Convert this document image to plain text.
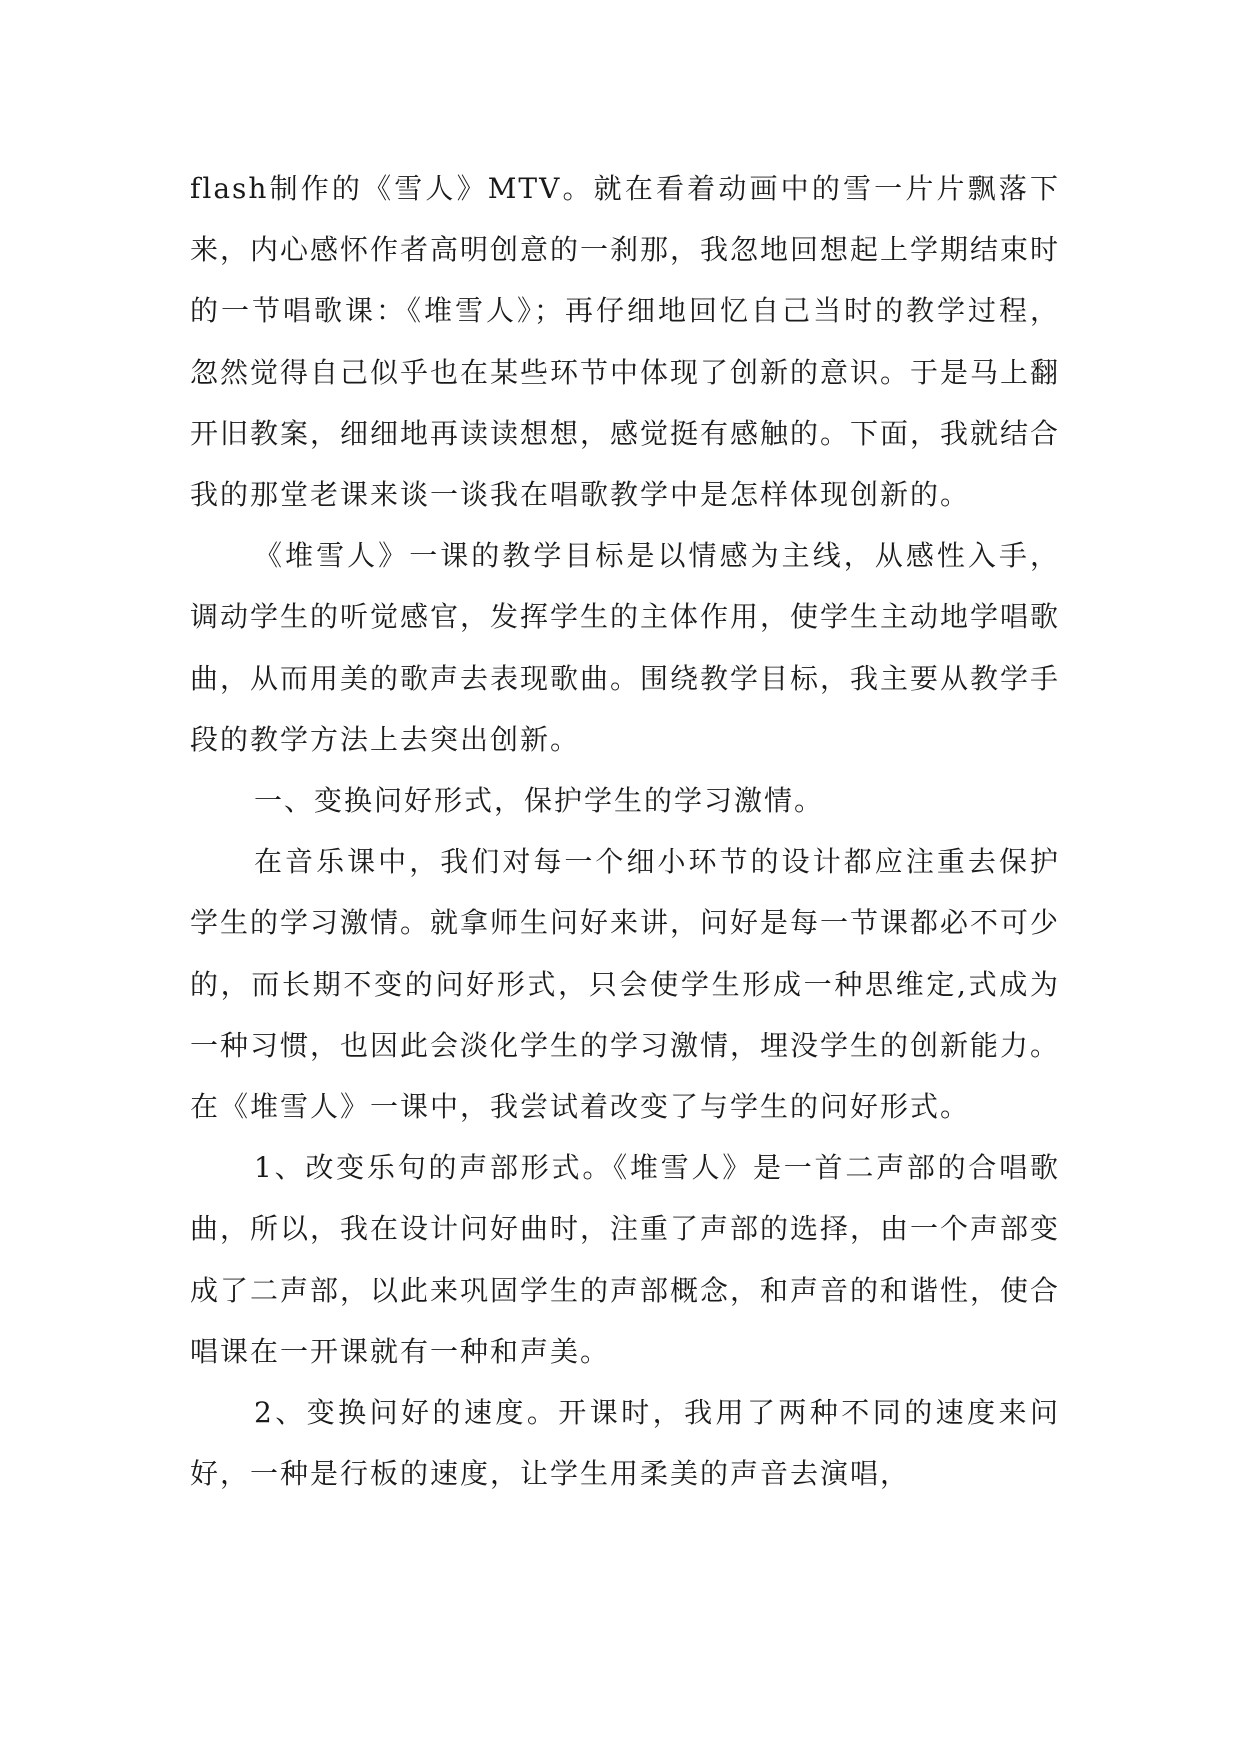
flash制作的《雪人》MTV。就在看着动画中的雪一片片飘落下来，内心感怀作者高明创意的一刹那，我忽地回想起上学期结束时的一节唱歌课：《堆雪人》；再仔细地回忆自己当时的教学过程，忽然觉得自己似乎也在某些环节中体现了创新的意识。于是马上翻开旧教案，细细地再读读想想，感觉挺有感触的。下面，我就结合我的那堂老课来谈一谈我在唱歌教学中是怎样体现创新的。

《堆雪人》一课的教学目标是以情感为主线，从感性入手，调动学生的听觉感官，发挥学生的主体作用，使学生主动地学唱歌曲，从而用美的歌声去表现歌曲。围绕教学目标，我主要从教学手段的教学方法上去突出创新。

一、变换问好形式，保护学生的学习激情。

在音乐课中，我们对每一个细小环节的设计都应注重去保护学生的学习激情。就拿师生问好来讲，问好是每一节课都必不可少的，而长期不变的问好形式，只会使学生形成一种思维定,式成为一种习惯，也因此会淡化学生的学习激情，埋没学生的创新能力。在《堆雪人》一课中，我尝试着改变了与学生的问好形式。

1、改变乐句的声部形式。《堆雪人》是一首二声部的合唱歌曲，所以，我在设计问好曲时，注重了声部的选择，由一个声部变成了二声部，以此来巩固学生的声部概念，和声音的和谐性，使合唱课在一开课就有一种和声美。

2、变换问好的速度。开课时，我用了两种不同的速度来问好，一种是行板的速度，让学生用柔美的声音去演唱，
